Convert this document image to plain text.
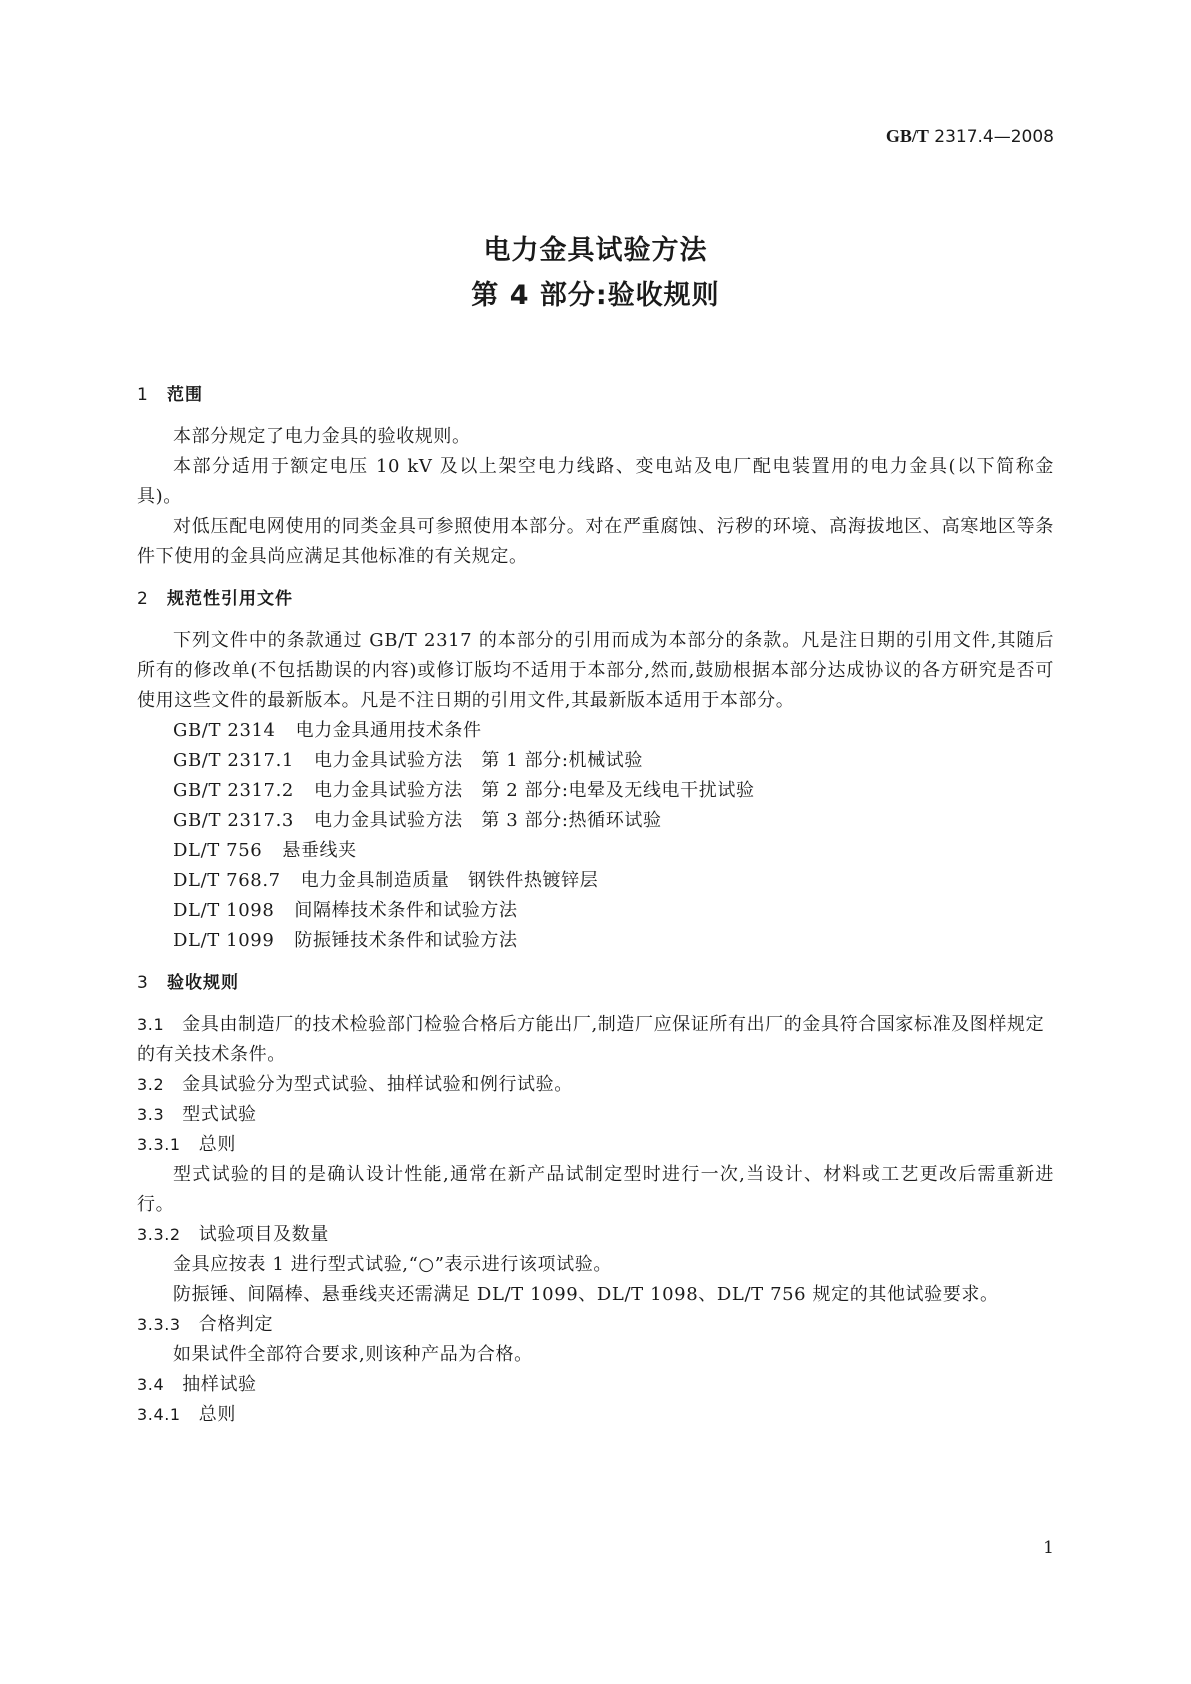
GB/T 2317.4—2008
电力金具试验方法
第 4 部分:验收规则

1 范围

本部分规定了电力金具的验收规则。

本部分适用于额定电压 10 kV 及以上架空电力线路、变电站及电厂配电装置用的电力金具(以下简称金具)。

对低压配电网使用的同类金具可参照使用本部分。对在严重腐蚀、污秽的环境、高海拔地区、高寒地区等条件下使用的金具尚应满足其他标准的有关规定。

2 规范性引用文件

下列文件中的条款通过 GB/T 2317 的本部分的引用而成为本部分的条款。凡是注日期的引用文件,其随后所有的修改单(不包括勘误的内容)或修订版均不适用于本部分,然而,鼓励根据本部分达成协议的各方研究是否可使用这些文件的最新版本。凡是不注日期的引用文件,其最新版本适用于本部分。

GB/T 2314 电力金具通用技术条件

GB/T 2317.1 电力金具试验方法　第 1 部分:机械试验

GB/T 2317.2 电力金具试验方法　第 2 部分:电晕及无线电干扰试验

GB/T 2317.3 电力金具试验方法　第 3 部分:热循环试验

DL/T 756 悬垂线夹

DL/T 768.7 电力金具制造质量　钢铁件热镀锌层

DL/T 1098 间隔棒技术条件和试验方法

DL/T 1099 防振锤技术条件和试验方法

3 验收规则

3.1 金具由制造厂的技术检验部门检验合格后方能出厂,制造厂应保证所有出厂的金具符合国家标准及图样规定的有关技术条件。

3.2 金具试验分为型式试验、抽样试验和例行试验。

3.3 型式试验

3.3.1 总则

型式试验的目的是确认设计性能,通常在新产品试制定型时进行一次,当设计、材料或工艺更改后需重新进行。

3.3.2 试验项目及数量

金具应按表 1 进行型式试验,“○”表示进行该项试验。

防振锤、间隔棒、悬垂线夹还需满足 DL/T 1099、DL/T 1098、DL/T 756 规定的其他试验要求。

3.3.3 合格判定

如果试件全部符合要求,则该种产品为合格。

3.4 抽样试验

3.4.1 总则

1
